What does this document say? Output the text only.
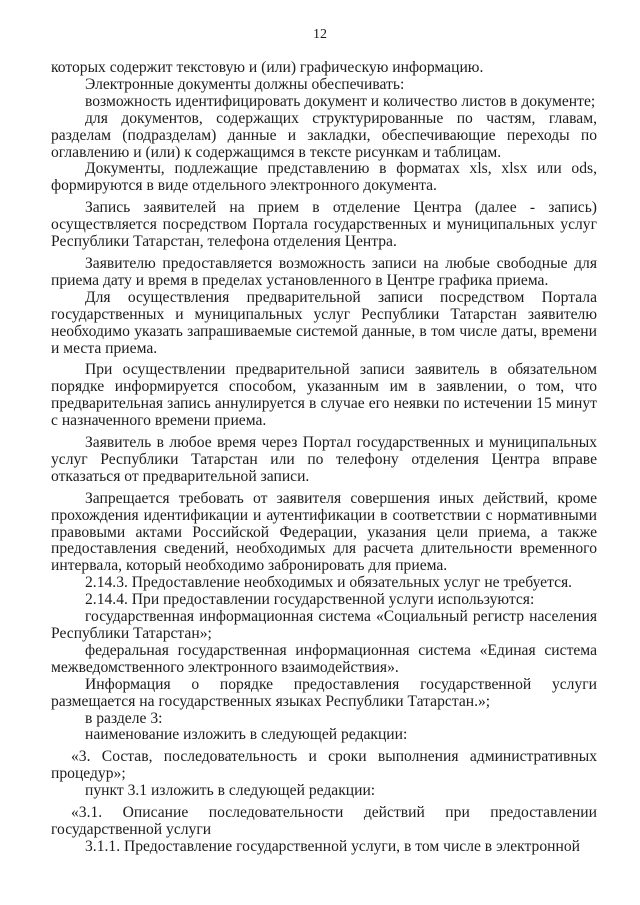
12

которых содержит текстовую и (или) графическую информацию.

Электронные документы должны обеспечивать:

возможность идентифицировать документ и количество листов в документе;

для документов, содержащих структурированные по частям, главам, разделам (подразделам) данные и закладки, обеспечивающие переходы по оглавлению и (или) к содержащимся в тексте рисункам и таблицам.

Документы, подлежащие представлению в форматах xls, xlsx или ods, формируются в виде отдельного электронного документа.

Запись заявителей на прием в отделение Центра (далее - запись) осуществляется посредством Портала государственных и муниципальных услуг Республики Татарстан, телефона отделения Центра.

Заявителю предоставляется возможность записи на любые свободные для приема дату и время в пределах установленного в Центре графика приема.

Для осуществления предварительной записи посредством Портала государственных и муниципальных услуг Республики Татарстан заявителю необходимо указать запрашиваемые системой данные, в том числе даты, времени и места приема.

При осуществлении предварительной записи заявитель в обязательном порядке информируется способом, указанным им в заявлении, о том, что предварительная запись аннулируется в случае его неявки по истечении 15 минут с назначенного времени приема.

Заявитель в любое время через Портал государственных и муниципальных услуг Республики Татарстан или по телефону отделения Центра вправе отказаться от предварительной записи.

Запрещается требовать от заявителя совершения иных действий, кроме прохождения идентификации и аутентификации в соответствии с нормативными правовыми актами Российской Федерации, указания цели приема, а также предоставления сведений, необходимых для расчета длительности временного интервала, который необходимо забронировать для приема.

2.14.3. Предоставление необходимых и обязательных услуг не требуется.

2.14.4. При предоставлении государственной услуги используются:

государственная информационная система «Социальный регистр населения Республики Татарстан»;

федеральная государственная информационная система «Единая система межведомственного электронного взаимодействия».

Информация о порядке предоставления государственной услуги размещается на государственных языках Республики Татарстан.»;

в разделе 3:

наименование изложить в следующей редакции:

«3. Состав, последовательность и сроки выполнения административных процедур»;

пункт 3.1 изложить в следующей редакции:

«3.1. Описание последовательности действий при предоставлении государственной услуги

3.1.1. Предоставление государственной услуги, в том числе в электронной
